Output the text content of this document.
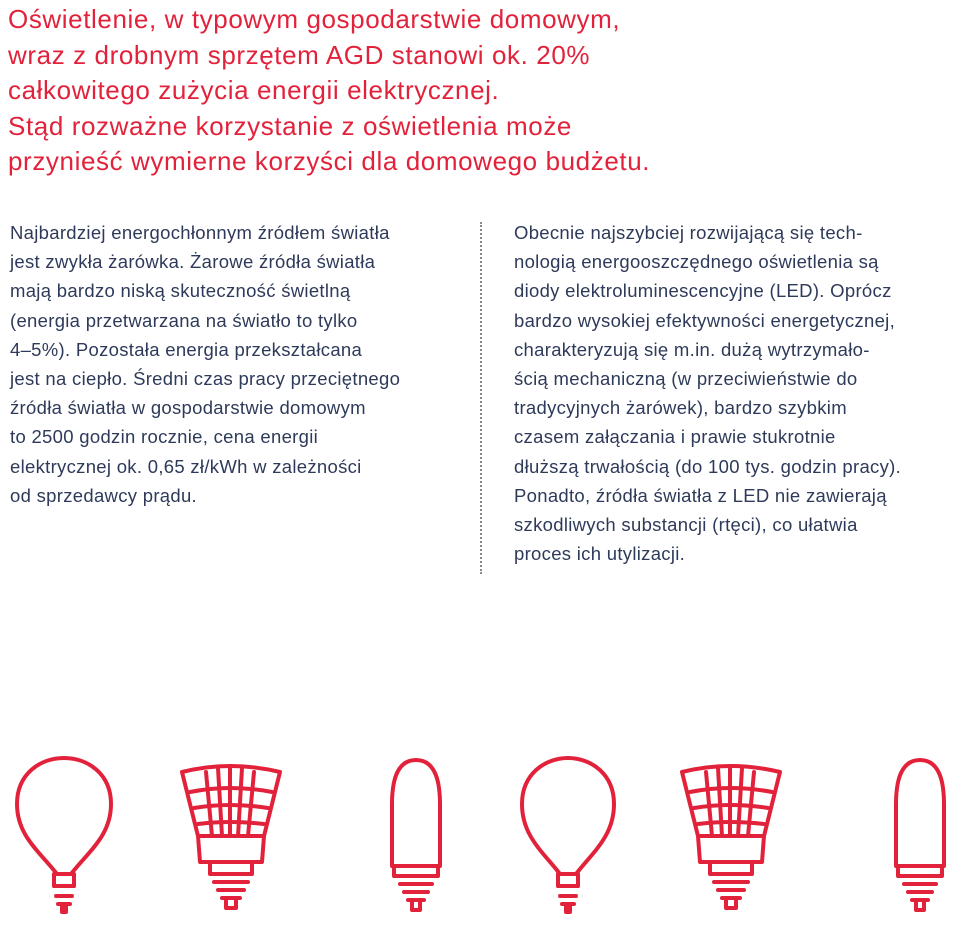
Oświetlenie, w typowym gospodarstwie domowym,
wraz z drobnym sprzętem AGD stanowi ok. 20%
całkowitego zużycia energii elektrycznej.
Stąd rozważne korzystanie z oświetlenia może
przynieść wymierne korzyści dla domowego budżetu.
Najbardziej energochłonnym źródłem światła
jest zwykła żarówka. Żarowe źródła światła
mają bardzo niską skuteczność świetlną
(energia przetwarzana na światło to tylko
4–5%). Pozostała energia przekształcana
jest na ciepło. Średni czas pracy przeciętnego
źródła światła w gospodarstwie domowym
to 2500 godzin rocznie, cena energii
elektrycznej ok. 0,65 zł/kWh w zależności
od sprzedawcy prądu.
Obecnie najszybciej rozwijającą się tech-
nologią energooszczędnego oświetlenia są
diody elektroluminescencyjne (LED). Oprócz
bardzo wysokiej efektywności energetycznej,
charakteryzują się m.in. dużą wytrzymało-
ścią mechaniczną (w przeciwieństwie do
tradycyjnych żarówek), bardzo szybkim
czasem załączania i prawie stukrotnie
dłuższą trwałością (do 100 tys. godzin pracy).
Ponadto, źródła światła z LED nie zawierają
szkodliwych substancji (rtęci), co ułatwia
proces ich utylizacji.
